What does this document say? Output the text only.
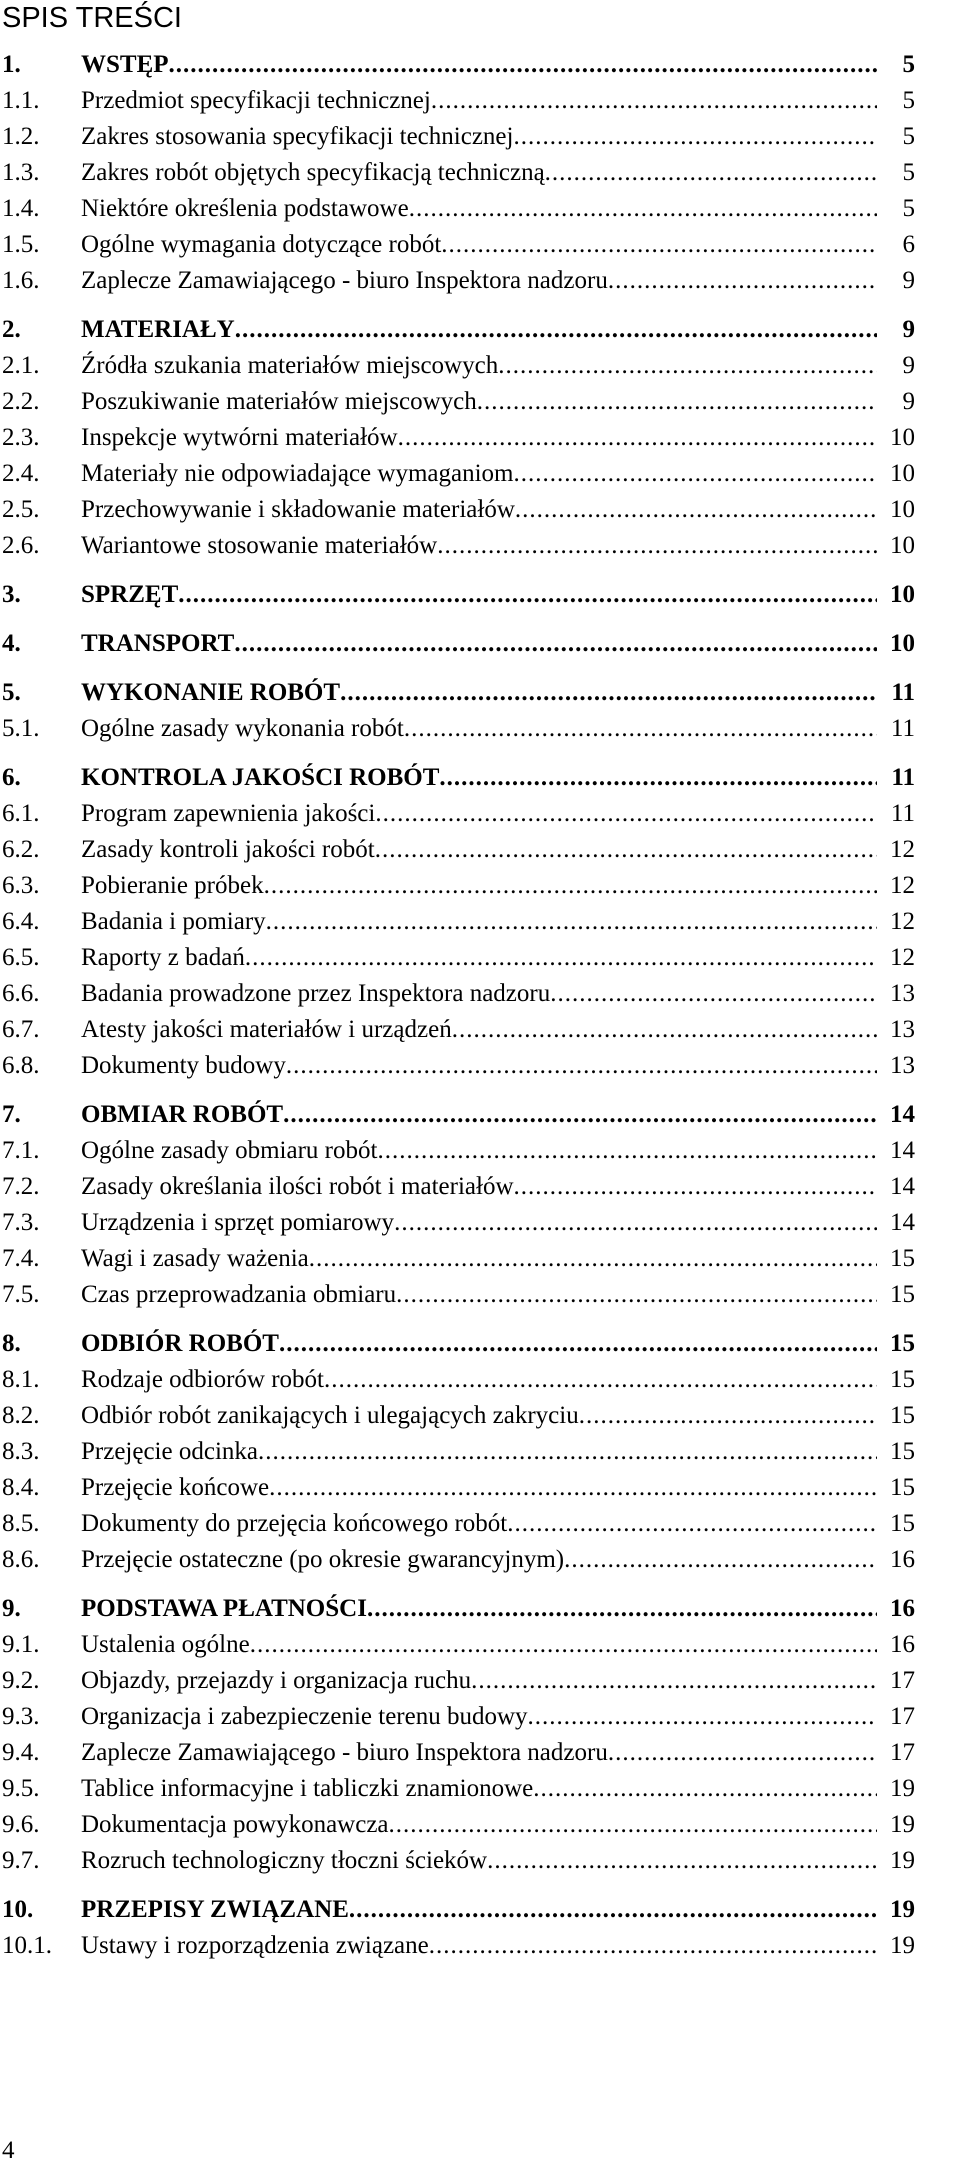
SPIS TREŚCI
1. WSTĘP .....	5
1.1. Przedmiot specyfikacji technicznej .....	5
1.2. Zakres stosowania specyfikacji technicznej .....	5
1.3. Zakres robót objętych specyfikacją techniczną .....	5
1.4. Niektóre określenia podstawowe .....	5
1.5. Ogólne wymagania dotyczące robót .....	6
1.6. Zaplecze Zamawiającego - biuro Inspektora nadzoru .....	9
2. MATERIAŁY .....	9
2.1. Źródła szukania materiałów miejscowych .....	9
2.2. Poszukiwanie materiałów miejscowych .....	9
2.3. Inspekcje wytwórni materiałów .....	10
2.4. Materiały nie odpowiadające wymaganiom .....	10
2.5. Przechowywanie i składowanie materiałów .....	10
2.6. Wariantowe stosowanie materiałów .....	10
3. SPRZĘT .....	10
4. TRANSPORT .....	10
5. WYKONANIE ROBÓT .....	11
5.1. Ogólne zasady wykonania robót .....	11
6. KONTROLA JAKOŚCI ROBÓT .....	11
6.1. Program zapewnienia jakości .....	11
6.2. Zasady kontroli jakości robót .....	12
6.3. Pobieranie próbek .....	12
6.4. Badania i pomiary .....	12
6.5. Raporty z badań .....	12
6.6. Badania prowadzone przez Inspektora nadzoru .....	13
6.7. Atesty jakości materiałów i urządzeń .....	13
6.8. Dokumenty budowy .....	13
7. OBMIAR ROBÓT .....	14
7.1. Ogólne zasady obmiaru robót .....	14
7.2. Zasady określania ilości robót i materiałów .....	14
7.3. Urządzenia i sprzęt pomiarowy .....	14
7.4. Wagi i zasady ważenia .....	15
7.5. Czas przeprowadzania obmiaru .....	15
8. ODBIÓR ROBÓT .....	15
8.1. Rodzaje odbiorów robót .....	15
8.2. Odbiór robót zanikających i ulegających zakryciu .....	15
8.3. Przejęcie odcinka .....	15
8.4. Przejęcie końcowe .....	15
8.5. Dokumenty do przejęcia końcowego robót .....	15
8.6. Przejęcie ostateczne (po okresie gwarancyjnym) .....	16
9. PODSTAWA PŁATNOŚCI .....	16
9.1. Ustalenia ogólne .....	16
9.2. Objazdy, przejazdy i organizacja ruchu .....	17
9.3. Organizacja i zabezpieczenie terenu budowy .....	17
9.4. Zaplecze Zamawiającego - biuro Inspektora nadzoru .....	17
9.5. Tablice informacyjne i tabliczki znamionowe .....	19
9.6. Dokumentacja powykonawcza .....	19
9.7. Rozruch technologiczny tłoczni ścieków .....	19
10. PRZEPISY ZWIĄZANE .....	19
10.1. Ustawy i rozporządzenia związane .....	19
4
